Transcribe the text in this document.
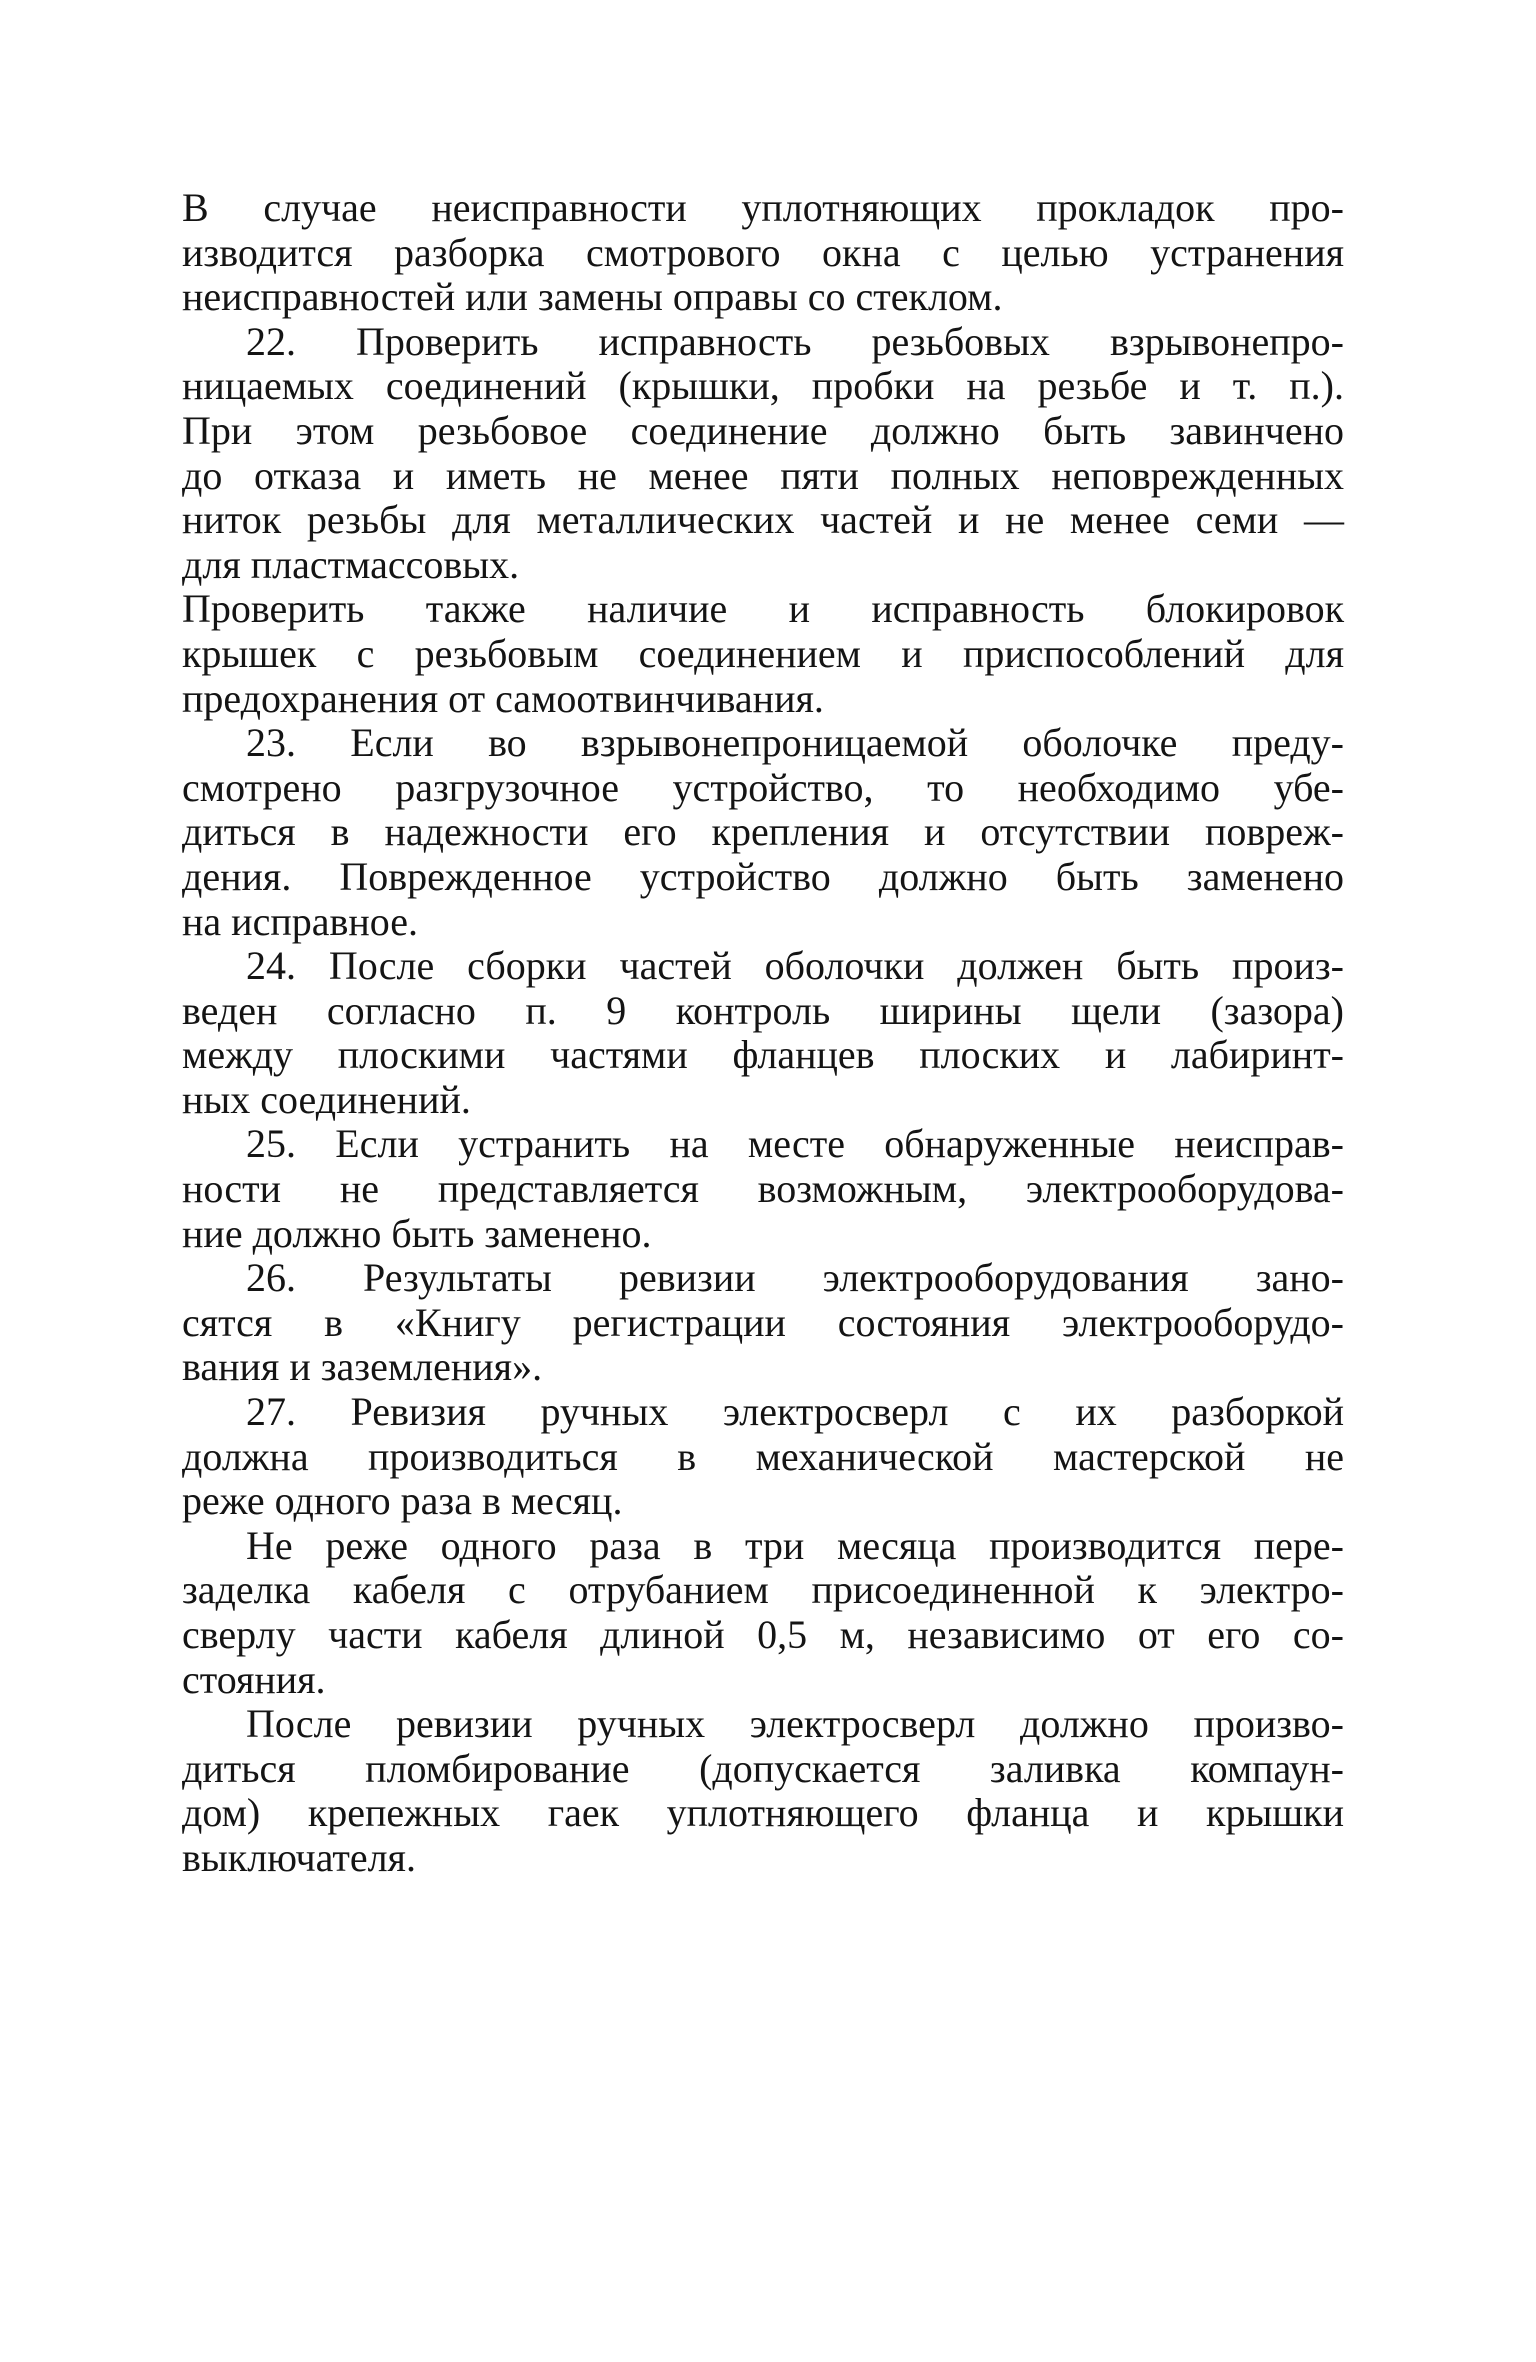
В случае неисправности уплотняющих прокладок про-
изводится разборка смотрового окна с целью устранения
неисправностей или замены оправы со стеклом.
22. Проверить исправность резьбовых взрывонепро-
ницаемых соединений (крышки, пробки на резьбе и т. п.).
При этом резьбовое соединение должно быть завинчено
до отказа и иметь не менее пяти полных неповрежденных
ниток резьбы для металлических частей и не менее семи —
для пластмассовых.
Проверить также наличие и исправность блокировок
крышек с резьбовым соединением и приспособлений для
предохранения от самоотвинчивания.
23. Если во взрывонепроницаемой оболочке преду-
смотрено разгрузочное устройство, то необходимо убе-
диться в надежности его крепления и отсутствии повреж-
дения. Поврежденное устройство должно быть заменено
на исправное.
24. После сборки частей оболочки должен быть произ-
веден согласно п. 9 контроль ширины щели (зазора)
между плоскими частями фланцев плоских и лабиринт-
ных соединений.
25. Если устранить на месте обнаруженные неисправ-
ности не представляется возможным, электрооборудова-
ние должно быть заменено.
26. Результаты ревизии электрооборудования зано-
сятся в «Книгу регистрации состояния электрооборудо-
вания и заземления».
27. Ревизия ручных электросверл с их разборкой
должна производиться в механической мастерской не
реже одного раза в месяц.
Не реже одного раза в три месяца производится пере-
заделка кабеля с отрубанием присоединенной к электро-
сверлу части кабеля длиной 0,5 м, независимо от его со-
стояния.
После ревизии ручных электросверл должно произво-
диться пломбирование (допускается заливка компаун-
дом) крепежных гаек уплотняющего фланца и крышки
выключателя.
